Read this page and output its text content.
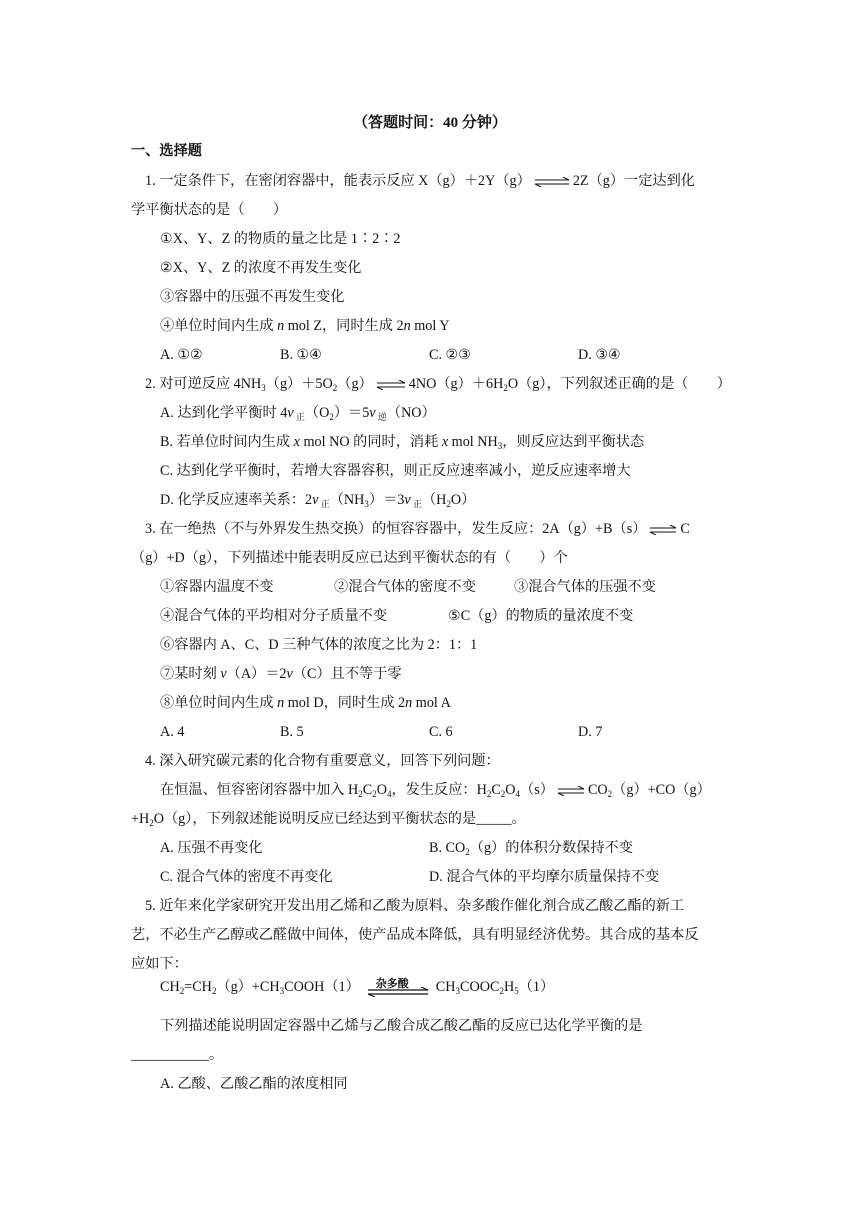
（答题时间：40 分钟）
一、选择题
1. 一定条件下，在密闭容器中，能表示反应 X（g）＋2Y（g） ⇌ 2Z（g）一定达到化
学平衡状态的是（　　）
①X、Y、Z 的物质的量之比是 1∶2∶2
②X、Y、Z 的浓度不再发生变化
③容器中的压强不再发生变化
④单位时间内生成 n mol Z，同时生成 2n mol Y
A. ①②	B. ①④	C. ②③	D. ③④
2. 对可逆反应 $4NH_3(g)+5O_2(g)$ ⇌ $4NO(g)+6H_2O(g)$，下列叙述正确的是（　　）
A. 达到化学平衡时 4v $_正(O_2)=5v$ $_逆$（NO）
B. 若单位时间内生成 x mol NO 的同时，消耗 x mol $NH_3$，则反应达到平衡状态
C. 达到化学平衡时，若增大容器容积，则正反应速率减小，逆反应速率增大
D. 化学反应速率关系：2v $_正(NH_3)=3v$ $_正(H_2O)$
3. 在一绝热（不与外界发生热交换）的恒容容器中，发生反应：2A（g）+B（s） ⇌ C
（g）+D（g），下列描述中能表明反应已达到平衡状态的有（　　）个
①容器内温度不变	②混合气体的密度不变	③混合气体的压强不变
④混合气体的平均相对分子质量不变	⑤C（g）的物质的量浓度不变
⑥容器内 A、C、D 三种气体的浓度之比为 2：1：1
⑦某时刻 v（A）＝2v（C）且不等于零
⑧单位时间内生成 n mol D，同时生成 2n mol A
A. 4	B. 5	C. 6	D. 7
4. 深入研究碳元素的化合物有重要意义，回答下列问题：
在恒温、恒容密闭容器中加入 $H_2C_2O_4$，发生反应：$H_2C_2O_4(s)$ ⇌ $CO_2(g)+CO(g)$
$+H_2O(g)$，下列叙述能说明反应已经达到平衡状态的是_____。
A. 压强不再变化	B. $CO_2(g)$的体积分数保持不变
C. 混合气体的密度不再变化	D. 混合气体的平均摩尔质量保持不变
5. 近年来化学家研究开发出用乙烯和乙酸为原料、杂多酸作催化剂合成乙酸乙酯的新工
艺，不必生产乙醇或乙醛做中间体，使产品成本降低，具有明显经济优势。其合成的基本反
应如下：
$CH_2=CH_2(g)+CH_3COOH(1)$ 杂多酸 $CH_3COOC_2H_5(1)$
下列描述能说明固定容器中乙烯与乙酸合成乙酸乙酯的反应已达化学平衡的是
___________。
A. 乙酸、乙酸乙酯的浓度相同
